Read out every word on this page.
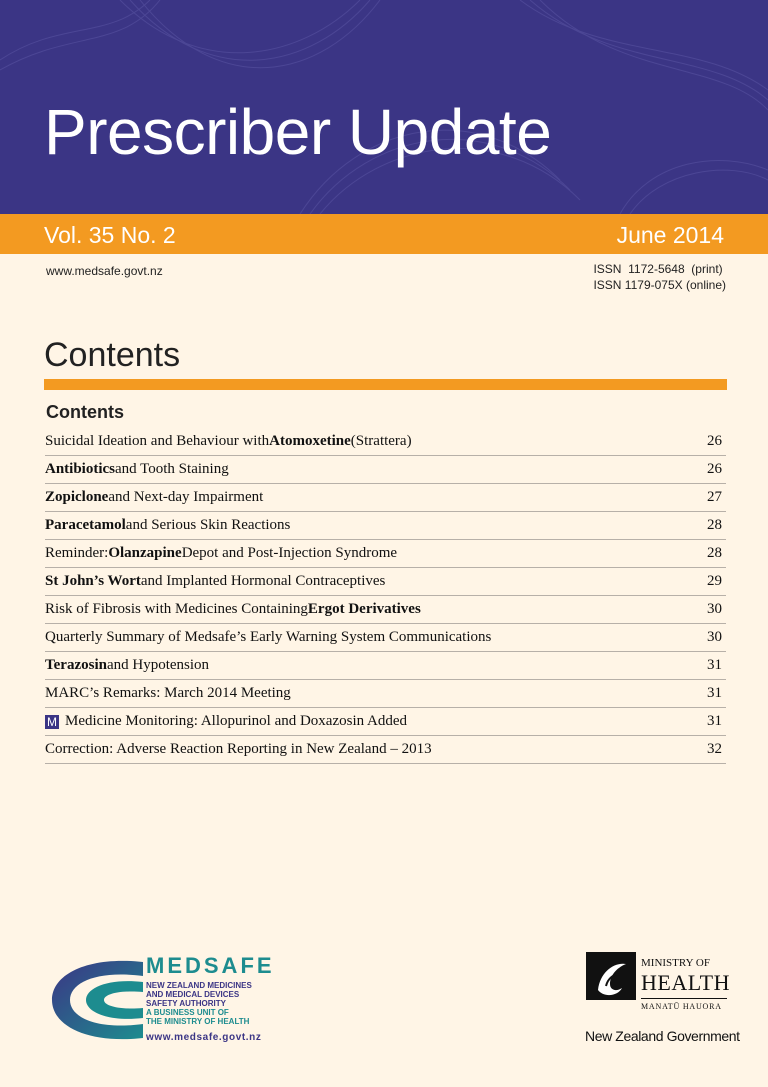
Prescriber Update
Vol. 35 No. 2	June 2014
www.medsafe.govt.nz	ISSN  1172-5648  (print)
ISSN 1179-075X (online)
Contents
Contents
Suicidal Ideation and Behaviour with Atomoxetine (Strattera)	26
Antibiotics and Tooth Staining	26
Zopiclone and Next-day Impairment	27
Paracetamol and Serious Skin Reactions	28
Reminder: Olanzapine Depot and Post-Injection Syndrome	28
St John’s Wort and Implanted Hormonal Contraceptives	29
Risk of Fibrosis with Medicines Containing Ergot Derivatives	30
Quarterly Summary of Medsafe’s Early Warning System Communications	30
Terazosin and Hypotension	31
MARC’s Remarks: March 2014 Meeting	31
M Medicine Monitoring: Allopurinol and Doxazosin Added	31
Correction: Adverse Reaction Reporting in New Zealand – 2013	32
MEDSAFE
NEW ZEALAND MEDICINES
AND MEDICAL DEVICES
SAFETY AUTHORITY
A BUSINESS UNIT OF
THE MINISTRY OF HEALTH
www.medsafe.govt.nz
MINISTRY OF
HEALTH
MANATŪ HAUORA
New Zealand Government
